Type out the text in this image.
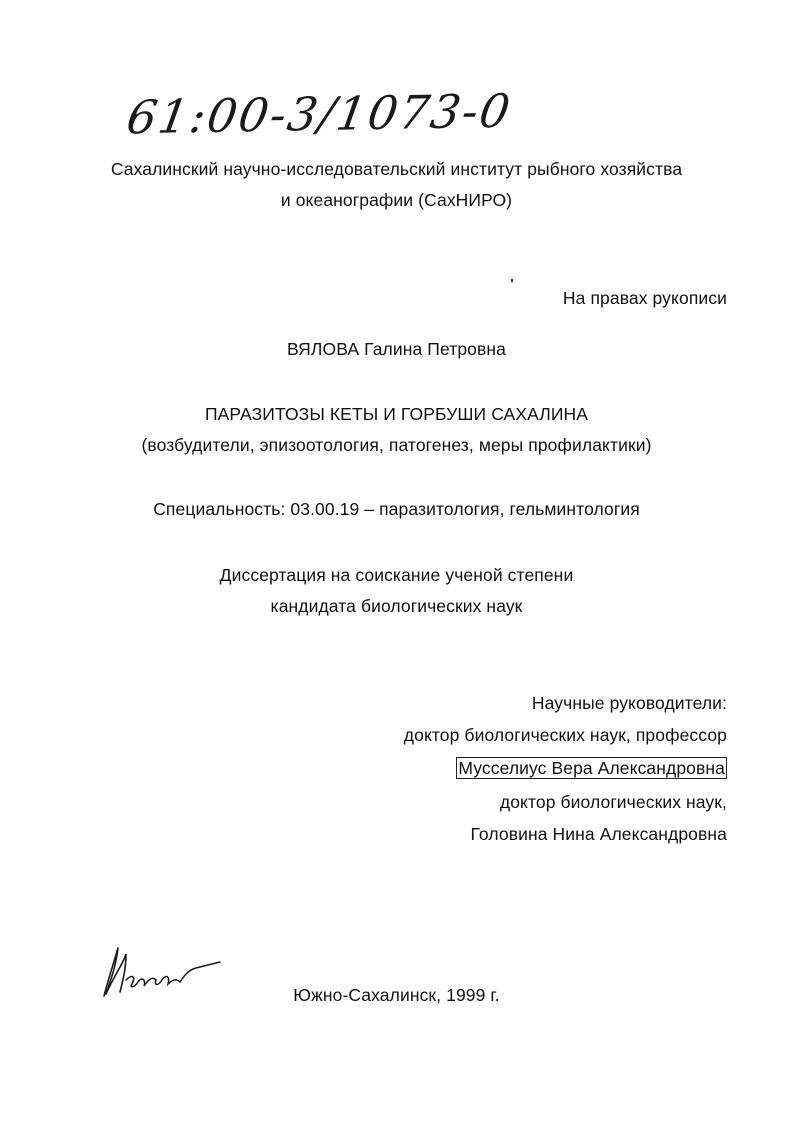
61:00-3/1073-0
Сахалинский научно-исследовательский институт рыбного хозяйства
и океанографии (СахНИРО)
На правах рукописи
ВЯЛОВА Галина Петровна
ПАРАЗИТОЗЫ КЕТЫ И ГОРБУШИ САХАЛИНА
(возбудители, эпизоотология, патогенез, меры профилактики)
Специальность: 03.00.19 – паразитология, гельминтология
Диссертация на соискание ученой степени
кандидата биологических наук
Научные руководители:
доктор биологических наук, профессор
Мусселиус Вера Александровна
доктор биологических наук,
Головина Нина Александровна
Южно-Сахалинск, 1999 г.
